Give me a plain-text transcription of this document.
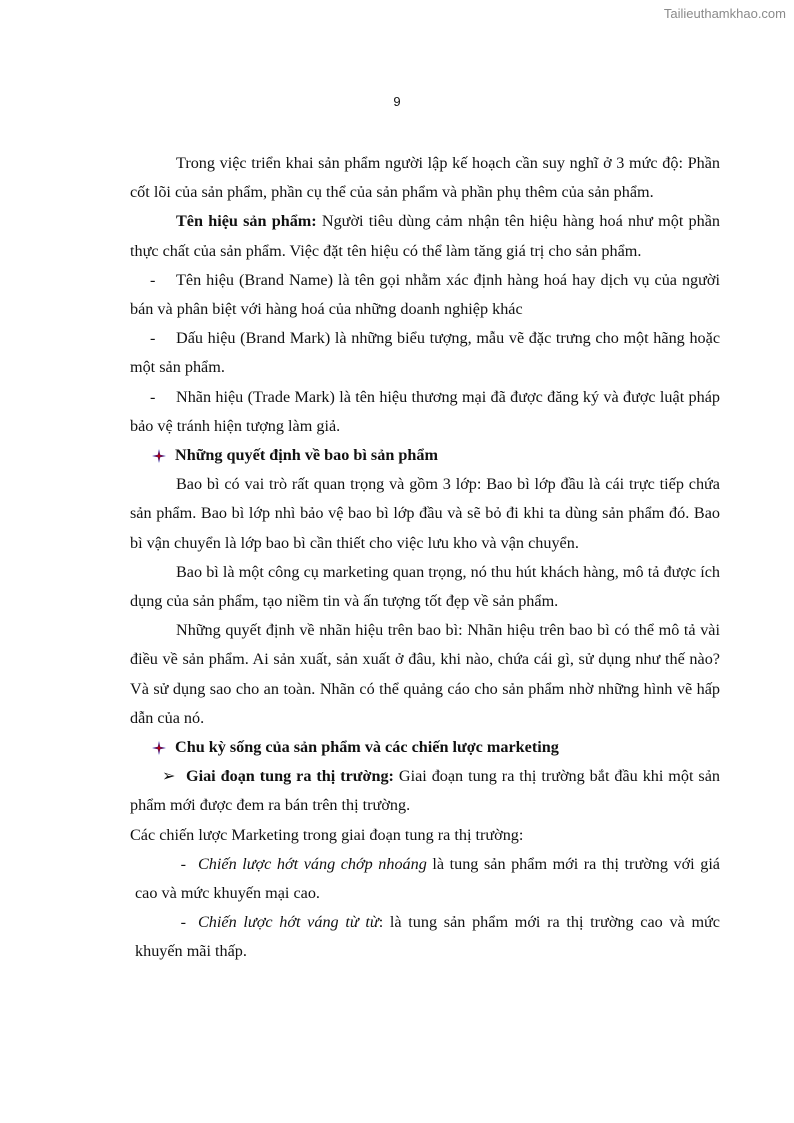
Tailieuthamkhao.com
9

Trong việc triển khai sản phẩm người lập kế hoạch cần suy nghĩ ở 3 mức độ: Phần cốt lõi của sản phẩm, phần cụ thể của sản phẩm và phần phụ thêm của sản phẩm.

Tên hiệu sản phẩm: Người tiêu dùng cảm nhận tên hiệu hàng hoá như một phần thực chất của sản phẩm. Việc đặt tên hiệu có thể làm tăng giá trị cho sản phẩm.

- Tên hiệu (Brand Name) là tên gọi nhằm xác định hàng hoá hay dịch vụ của người bán và phân biệt với hàng hoá của những doanh nghiệp khác

- Dấu hiệu (Brand Mark) là những biểu tượng, mẫu vẽ đặc trưng cho một hãng hoặc một sản phẩm.

- Nhãn hiệu (Trade Mark) là tên hiệu thương mại đã được đăng ký và được luật pháp bảo vệ tránh hiện tượng làm giả.

Những quyết định về bao bì sản phẩm

Bao bì có vai trò rất quan trọng và gồm 3 lớp: Bao bì lớp đầu là cái trực tiếp chứa sản phẩm. Bao bì lớp nhì bảo vệ bao bì lớp đầu và sẽ bỏ đi khi ta dùng sản phẩm đó. Bao bì vận chuyển là lớp bao bì cần thiết cho việc lưu kho và vận chuyển.

Bao bì là một công cụ marketing quan trọng, nó thu hút khách hàng, mô tả được ích dụng của sản phẩm, tạo niềm tin và ấn tượng tốt đẹp về sản phẩm.

Những quyết định về nhãn hiệu trên bao bì: Nhãn hiệu trên bao bì có thể mô tả vài điều về sản phẩm. Ai sản xuất, sản xuất ở đâu, khi nào, chứa cái gì, sử dụng như thế nào? Và sử dụng sao cho an toàn. Nhãn có thể quảng cáo cho sản phẩm nhờ những hình vẽ hấp dẫn của nó.

Chu kỳ sống của sản phẩm và các chiến lược marketing

➢ Giai đoạn tung ra thị trường: Giai đoạn tung ra thị trường bắt đầu khi một sản phẩm mới được đem ra bán trên thị trường.

Các chiến lược Marketing trong giai đoạn tung ra thị trường:

- Chiến lược hớt váng chớp nhoáng là tung sản phẩm mới ra thị trường với giá cao và mức khuyến mại cao.

- Chiến lược hớt váng từ từ: là tung sản phẩm mới ra thị trường cao và mức khuyến mãi thấp.
